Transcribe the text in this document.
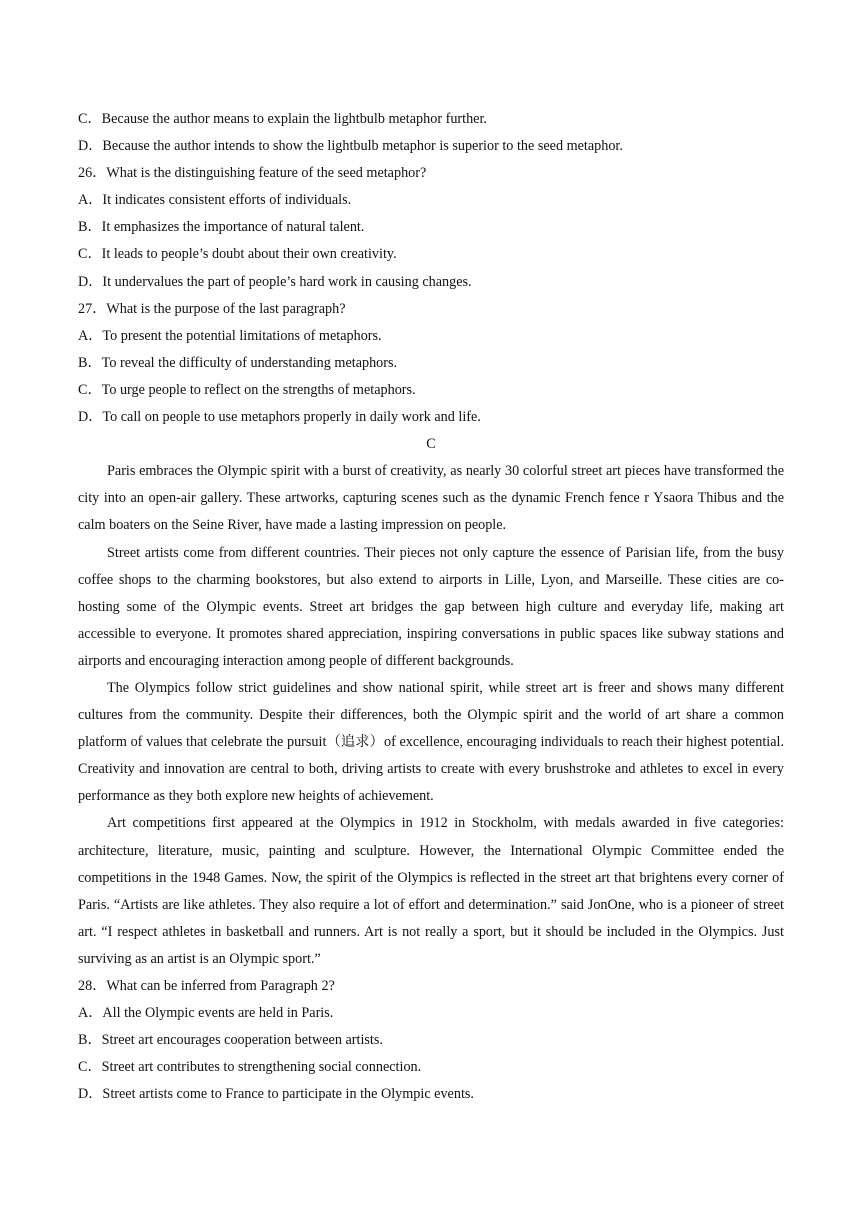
C．Because the author means to explain the lightbulb metaphor further.
D．Because the author intends to show the lightbulb metaphor is superior to the seed metaphor.
26．What is the distinguishing feature of the seed metaphor?
A．It indicates consistent efforts of individuals.
B．It emphasizes the importance of natural talent.
C．It leads to people’s doubt about their own creativity.
D．It undervalues the part of people’s hard work in causing changes.
27．What is the purpose of the last paragraph?
A．To present the potential limitations of metaphors.
B．To reveal the difficulty of understanding metaphors.
C．To urge people to reflect on the strengths of metaphors.
D．To call on people to use metaphors properly in daily work and life.
C
Paris embraces the Olympic spirit with a burst of creativity, as nearly 30 colorful street art pieces have transformed the city into an open-air gallery. These artworks, capturing scenes such as the dynamic French fence r Ysaora Thibus and the calm boaters on the Seine River, have made a lasting impression on people.
Street artists come from different countries. Their pieces not only capture the essence of Parisian life, from the busy coffee shops to the charming bookstores, but also extend to airports in Lille, Lyon, and Marseille. These cities are co-hosting some of the Olympic events. Street art bridges the gap between high culture and everyday life, making art accessible to everyone. It promotes shared appreciation, inspiring conversations in public spaces like subway stations and airports and encouraging interaction among people of different backgrounds.
The Olympics follow strict guidelines and show national spirit, while street art is freer and shows many different cultures from the community. Despite their differences, both the Olympic spirit and the world of art share a common platform of values that celebrate the pursuit（追求）of excellence, encouraging individuals to reach their highest potential. Creativity and innovation are central to both, driving artists to create with every brushstroke and athletes to excel in every performance as they both explore new heights of achievement.
Art competitions first appeared at the Olympics in 1912 in Stockholm, with medals awarded in five categories: architecture, literature, music, painting and sculpture. However, the International Olympic Committee ended the competitions in the 1948 Games. Now, the spirit of the Olympics is reflected in the street art that brightens every corner of Paris. “Artists are like athletes. They also require a lot of effort and determination.” said JonOne, who is a pioneer of street art. “I respect athletes in basketball and runners. Art is not really a sport, but it should be included in the Olympics. Just surviving as an artist is an Olympic sport.”
28．What can be inferred from Paragraph 2?
A．All the Olympic events are held in Paris.
B．Street art encourages cooperation between artists.
C．Street art contributes to strengthening social connection.
D．Street artists come to France to participate in the Olympic events.
